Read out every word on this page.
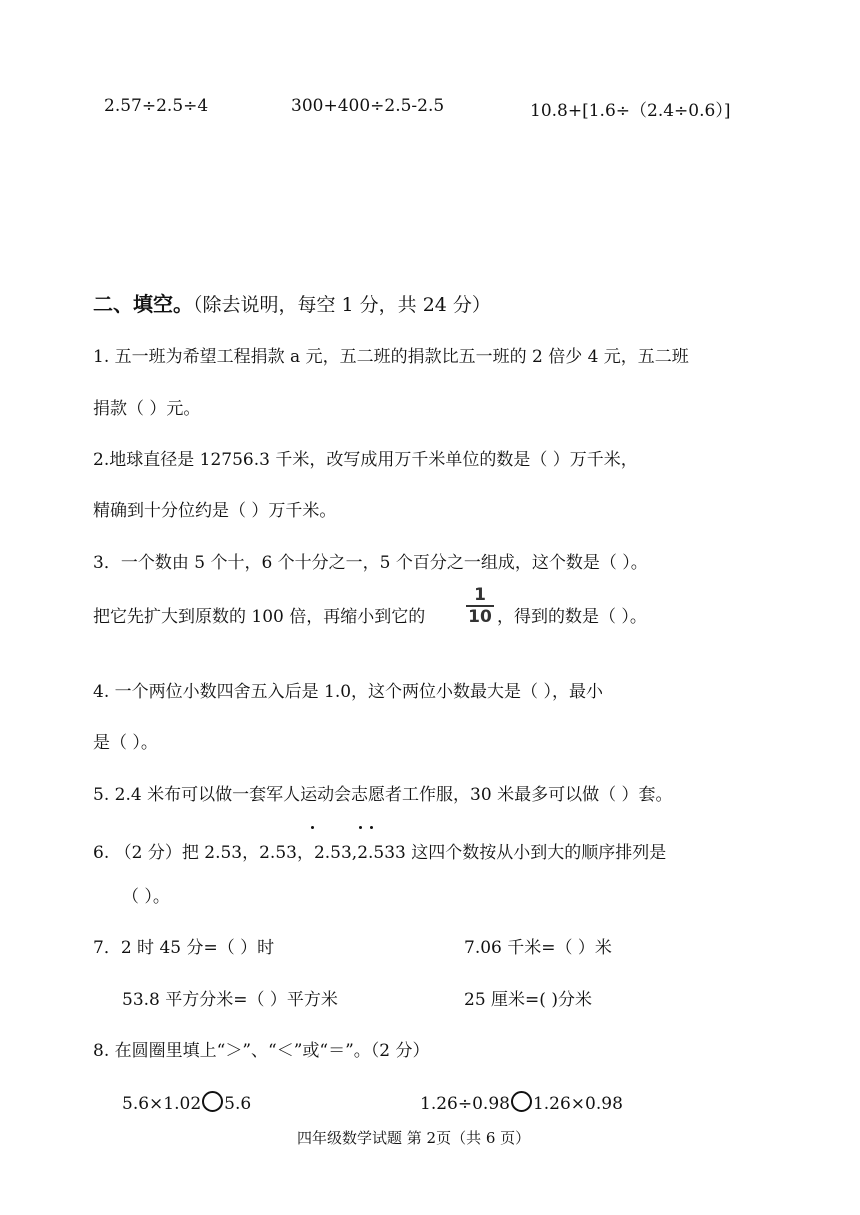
2.57÷2.5÷4	300+400÷2.5-2.5	10.8+[1.6÷（2.4÷0.6）]
二、填空。（除去说明，每空 1 分，共 24 分）
1. 五一班为希望工程捐款 a 元，五二班的捐款比五一班的 2 倍少 4 元，五二班
捐款（ ）元。
2.地球直径是 12756.3 千米，改写成用万千米单位的数是（ ）万千米，
精确到十分位约是（ ）万千米。
3．一个数由 5 个十，6 个十分之一，5 个百分之一组成，这个数是（ ）。
把它先扩大到原数的 100 倍，再缩小到它的
1
10 ，得到的数是（ ）。
4. 一个两位小数四舍五入后是 1.0，这个两位小数最大是（ ），最小
是（ ）。
5. 2.4 米布可以做一套军人运动会志愿者工作服，30 米最多可以做（ ）套。
6. （2 分）把 2.53，2.53，2.53,2.533 这四个数按从小到大的顺序排列是
（ ）。
7．2 时 45 分=（ ）时	7.06 千米=（ ）米
53.8 平方分米=（ ）平方米	25 厘米=( )分米
8. 在圆圈里填上“＞”、“＜”或“＝”。（2 分）
5.6×1.02 5.6	1.26÷0.98 1.26×0.98
四年级数学试题 第 2页（共 6 页）
